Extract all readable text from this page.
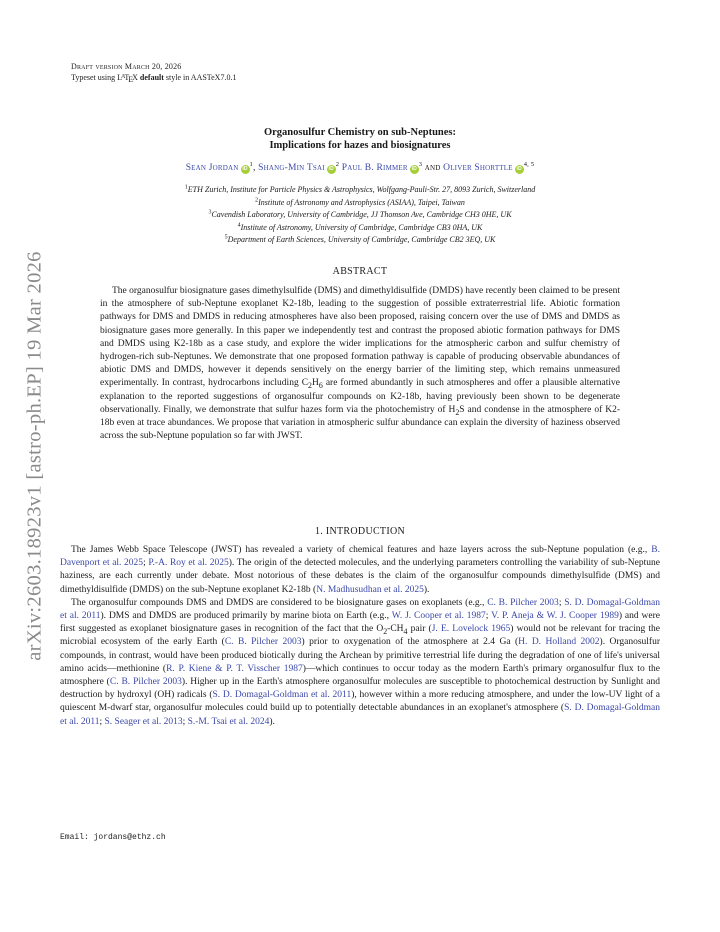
arXiv:2603.18923v1 [astro-ph.EP] 19 Mar 2026
Draft version March 20, 2026
Typeset using $L^ATEX$ default style in AASTeX7.0.1
Organosulfur Chemistry on sub-Neptunes:
Implications for hazes and biosignatures
Sean Jordan $iD^1$, Shang-Min Tsai $iD^2$ Paul B. Rimmer $iD^3$ and Oliver Shorttle iD$^{4, 5}$
$^1$ETH Zurich, Institute for Particle Physics & Astrophysics, Wolfgang-Pauli-Str. 27, 8093 Zurich, Switzerland
$^2$Institute of Astronomy and Astrophysics (ASIAA), Taipei, Taiwan
$^3$Cavendish Laboratory, University of Cambridge, JJ Thomson Ave, Cambridge CH3 0HE, UK
$^4$Institute of Astronomy, University of Cambridge, Cambridge CB3 0HA, UK
$^5$Department of Earth Sciences, University of Cambridge, Cambridge CB2 3EQ, UK
ABSTRACT
The organosulfur biosignature gases dimethylsulfide (DMS) and dimethyldisulfide (DMDS) have recently been claimed to be present in the atmosphere of sub-Neptune exoplanet K2-18b, leading to the suggestion of possible extraterrestrial life. Abiotic formation pathways for DMS and DMDS in reducing atmospheres have also been proposed, raising concern over the use of DMS and DMDS as biosignature gases more generally. In this paper we independently test and contrast the proposed abiotic formation pathways for DMS and DMDS using K2-18b as a case study, and explore the wider implications for the atmospheric carbon and sulfur chemistry of hydrogen-rich sub-Neptunes. We demonstrate that one proposed formation pathway is capable of producing observable abundances of abiotic DMS and DMDS, however it depends sensitively on the energy barrier of the limiting step, which remains unmeasured experimentally. In contrast, hydrocarbons including $C_2H_6$ are formed abundantly in such atmospheres and offer a plausible alternative explanation to the reported suggestions of organosulfur compounds on K2-18b, having previously been shown to be degenerate observationally. Finally, we demonstrate that sulfur hazes form via the photochemistry of $H_2S$ and condense in the atmosphere of K2-18b even at trace abundances. We propose that variation in atmospheric sulfur abundance can explain the diversity of haziness observed across the sub-Neptune population so far with JWST.
1. INTRODUCTION

The James Webb Space Telescope (JWST) has revealed a variety of chemical features and haze layers across the sub-Neptune population (e.g., B. Davenport et al. 2025; P.-A. Roy et al. 2025). The origin of the detected molecules, and the underlying parameters controlling the variability of sub-Neptune haziness, are each currently under debate. Most notorious of these debates is the claim of the organosulfur compounds dimethylsulfide (DMS) and dimethyldisulfide (DMDS) on the sub-Neptune exoplanet K2-18b (N. Madhusudhan et al. 2025).

The organosulfur compounds DMS and DMDS are considered to be biosignature gases on exoplanets (e.g., C. B. Pilcher 2003; S. D. Domagal-Goldman et al. 2011). DMS and DMDS are produced primarily by marine biota on Earth (e.g., W. J. Cooper et al. 1987; V. P. Aneja & W. J. Cooper 1989) and were first suggested as exoplanet biosignature gases in recognition of the fact that the $O_2-CH_4$ pair (J. E. Lovelock 1965) would not be relevant for tracing the microbial ecosystem of the early Earth (C. B. Pilcher 2003) prior to oxygenation of the atmosphere at 2.4 Ga (H. D. Holland 2002). Organosulfur compounds, in contrast, would have been produced biotically during the Archean by primitive terrestrial life during the degradation of one of life's universal amino acids—methionine (R. P. Kiene & P. T. Visscher 1987)—which continues to occur today as the modern Earth's primary organosulfur flux to the atmosphere (C. B. Pilcher 2003). Higher up in the Earth's atmosphere organosulfur molecules are susceptible to photochemical destruction by Sunlight and destruction by hydroxyl (OH) radicals (S. D. Domagal-Goldman et al. 2011), however within a more reducing atmosphere, and under the low-UV light of a quiescent M-dwarf star, organosulfur molecules could build up to potentially detectable abundances in an exoplanet's atmosphere (S. D. Domagal-Goldman et al. 2011; S. Seager et al. 2013; S.-M. Tsai et al. 2024).

Email: jordans@ethz.ch
